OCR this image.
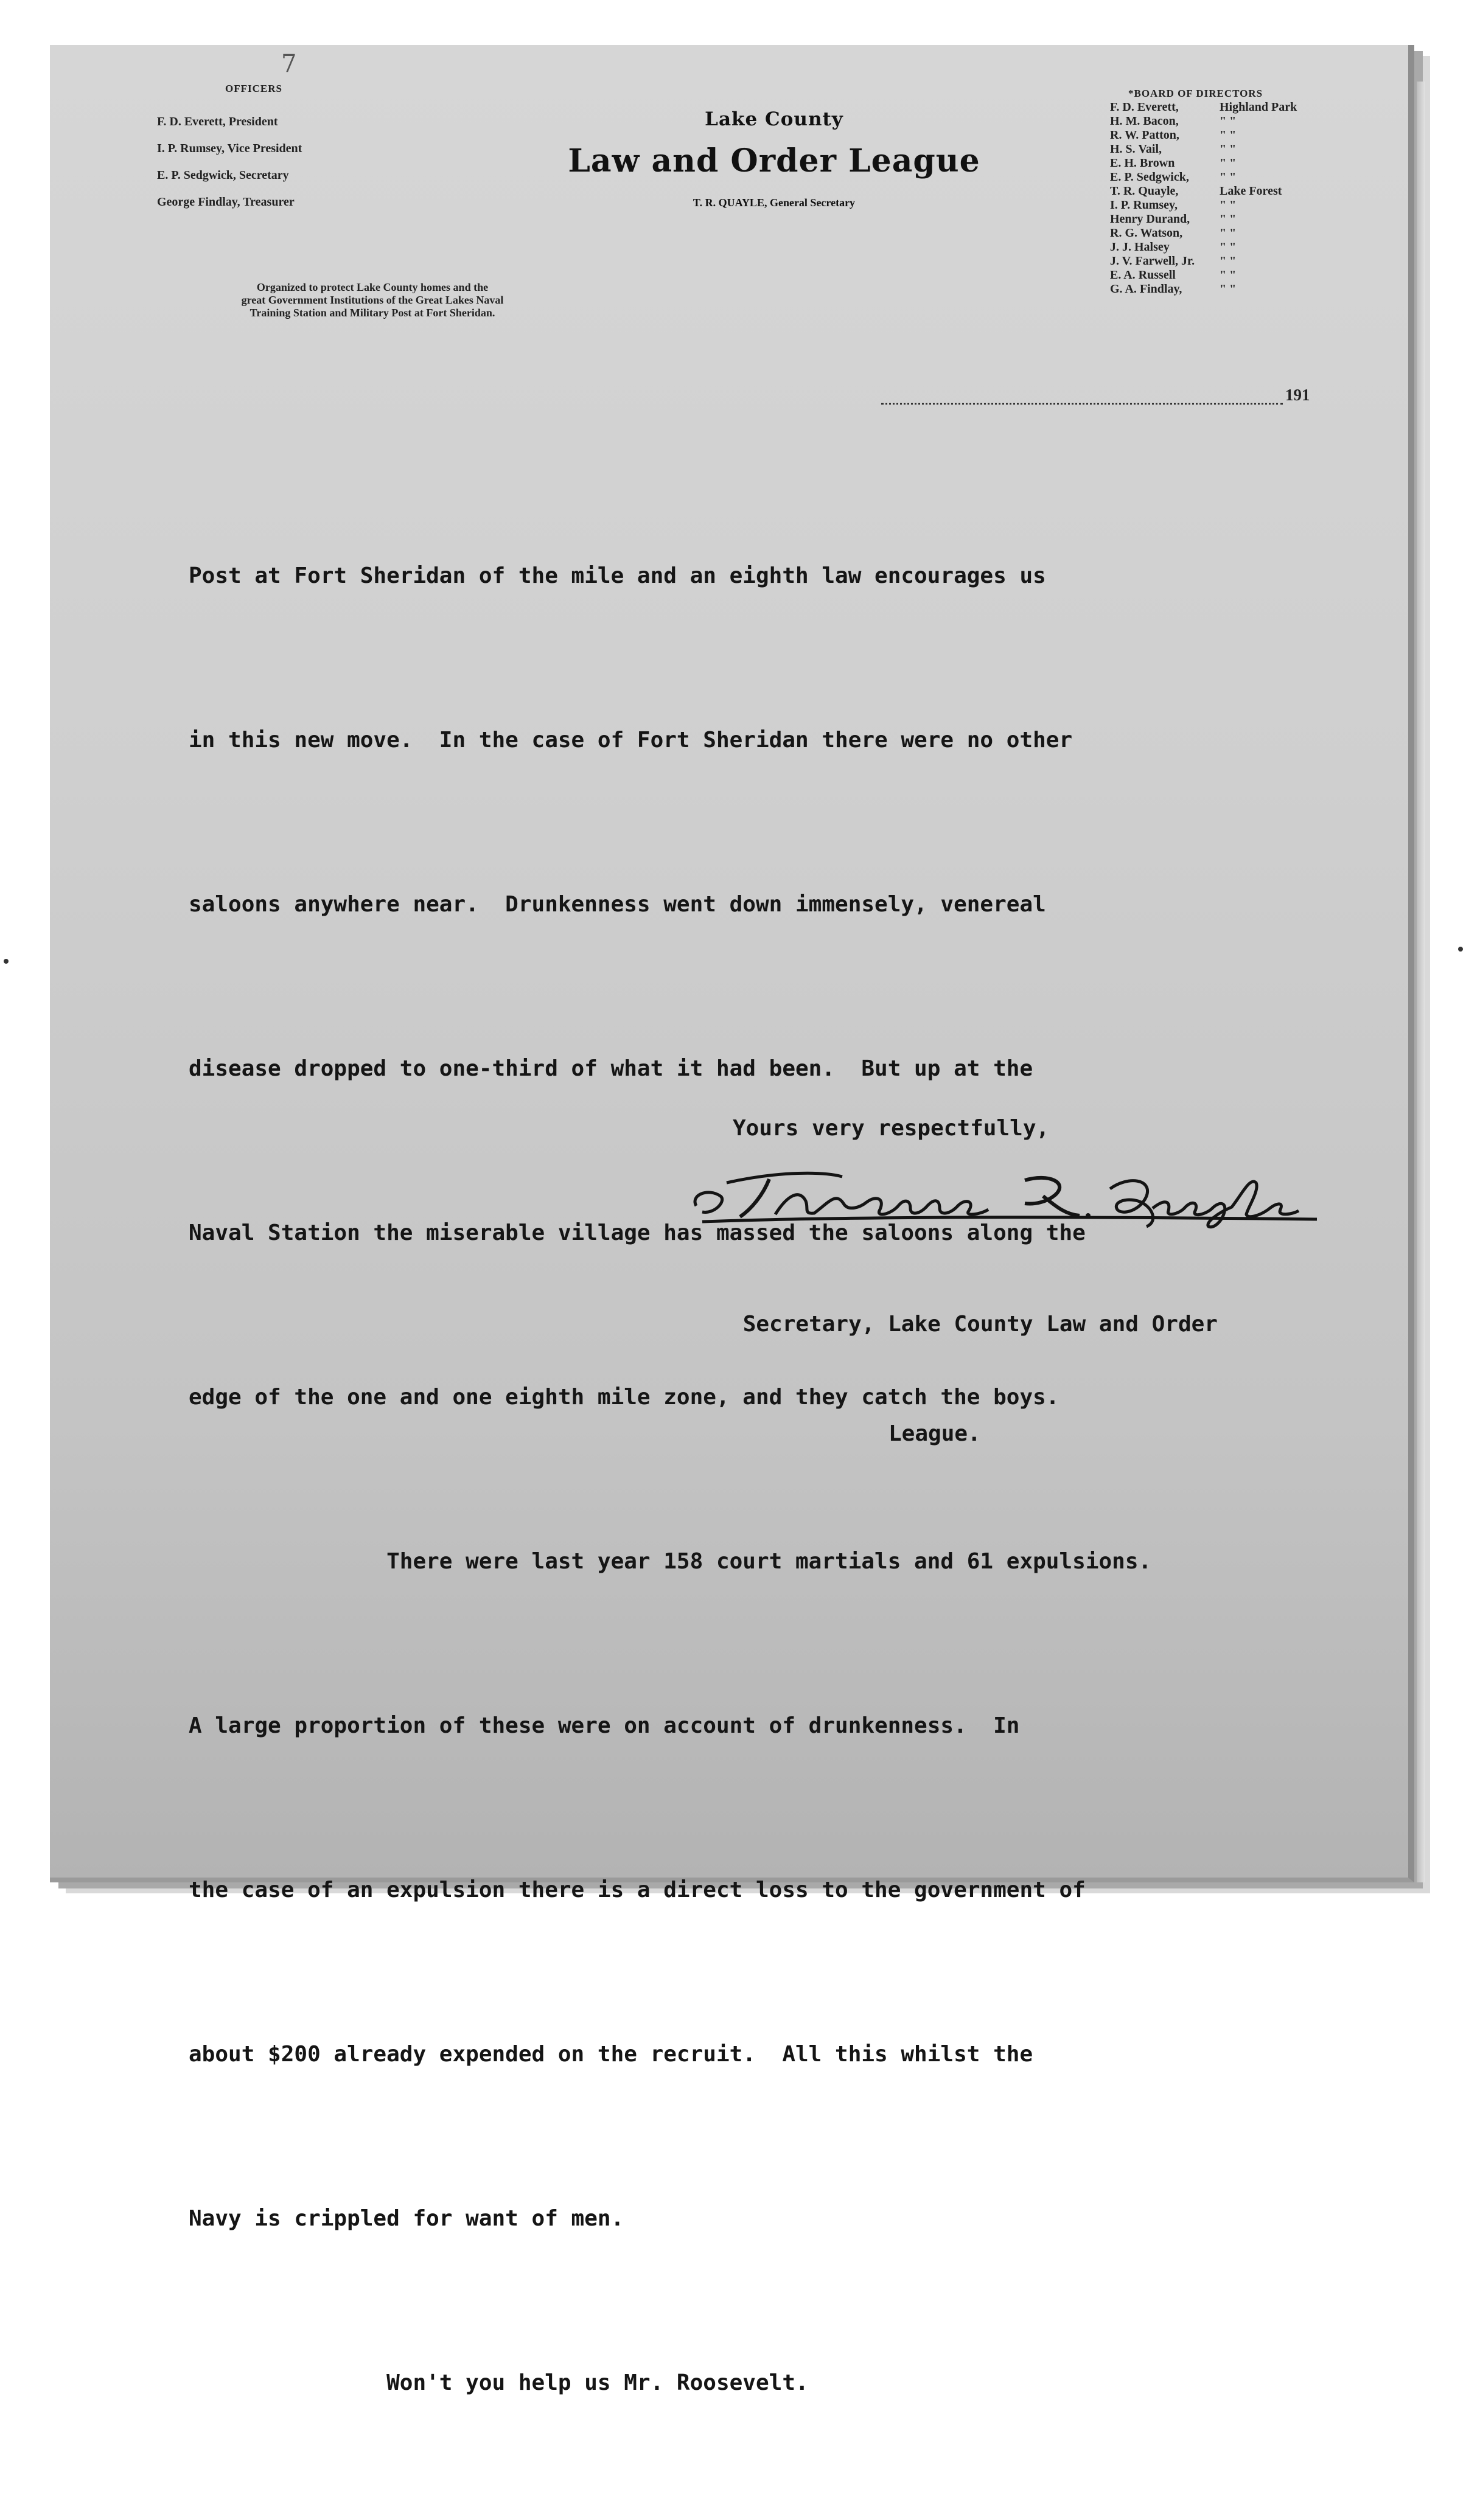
7
OFFICERS
F. D. Everett, President
I. P. Rumsey, Vice President
E. P. Sedgwick, Secretary
George Findlay, Treasurer
Organized to protect Lake County homes and the
great Government Institutions of the Great Lakes Naval
Training Station and Military Post at Fort Sheridan.
Lake County
Law and Order League
T. R. QUAYLE, General Secretary
*BOARD OF DIRECTORS
F. D. Everett,	Highland Park
H. M. Bacon,	" "
R. W. Patton,	" "
H. S. Vail,	" "
E. H. Brown	" "
E. P. Sedgwick,	" "
T. R. Quayle,	Lake Forest
I. P. Rumsey,	" "
Henry Durand,	" "
R. G. Watson,	" "
J. J. Halsey	" "
J. V. Farwell, Jr.	" "
E. A. Russell	" "
G. A. Findlay,	" "
191

Post at Fort Sheridan of the mile and an eighth law encourages us

in this new move.  In the case of Fort Sheridan there were no other

saloons anywhere near.  Drunkenness went down immensely, venereal

disease dropped to one-third of what it had been.  But up at the

Naval Station the miserable village has massed the saloons along the

edge of the one and one eighth mile zone, and they catch the boys.

There were last year 158 court martials and 61 expulsions.

A large proportion of these were on account of drunkenness.  In

the case of an expulsion there is a direct loss to the government of

about $200 already expended on the recruit.  All this whilst the

Navy is crippled for want of men.

Won't you help us Mr. Roosevelt.

Yours very respectfully,

Secretary, Lake County Law and Order

League.
